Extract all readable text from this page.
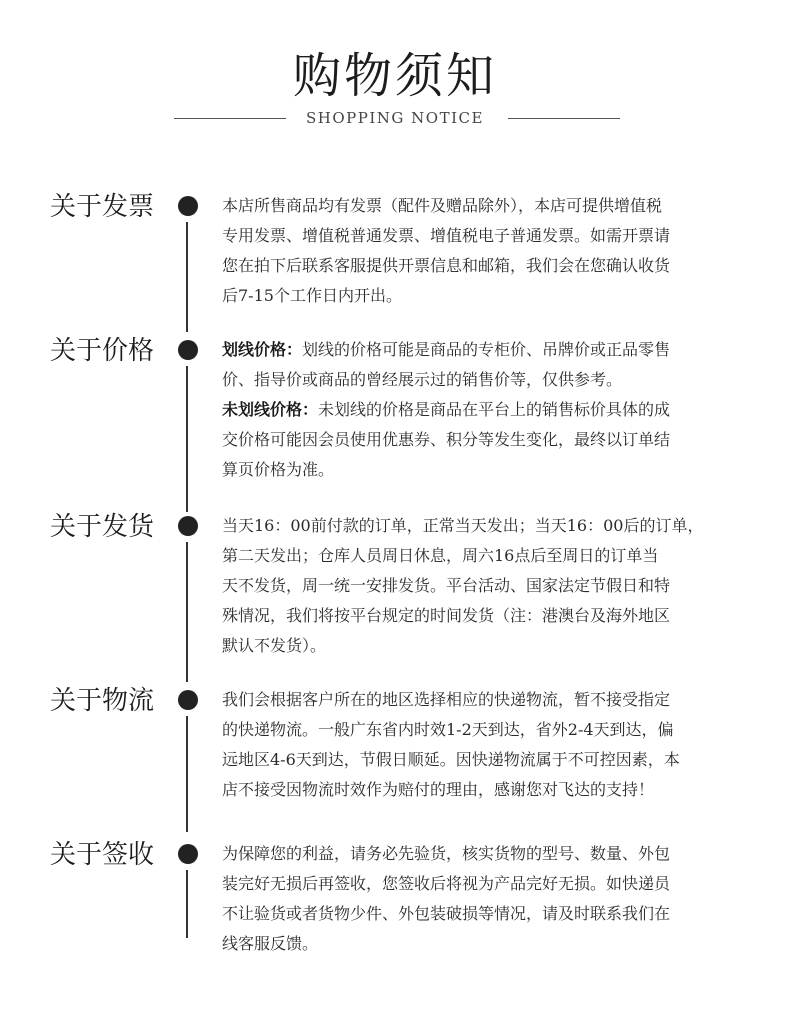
购物须知
SHOPPING NOTICE
关于发票	本店所售商品均有发票（配件及赠品除外），本店可提供增值税

专用发票、增值税普通发票、增值税电子普通发票。如需开票请

您在拍下后联系客服提供开票信息和邮箱，我们会在您确认收货

后7-15个工作日内开出。

关于价格	划线价格：划线的价格可能是商品的专柜价、吊牌价或正品零售

价、指导价或商品的曾经展示过的销售价等，仅供参考。

未划线价格：未划线的价格是商品在平台上的销售标价具体的成

交价格可能因会员使用优惠券、积分等发生变化，最终以订单结

算页价格为准。

关于发货	当天16：00前付款的订单，正常当天发出；当天16：00后的订单，

第二天发出；仓库人员周日休息，周六16点后至周日的订单当

天不发货，周一统一安排发货。平台活动、国家法定节假日和特

殊情况，我们将按平台规定的时间发货（注：港澳台及海外地区

默认不发货）。

关于物流	我们会根据客户所在的地区选择相应的快递物流，暂不接受指定

的快递物流。一般广东省内时效1-2天到达，省外2-4天到达，偏

远地区4-6天到达，节假日顺延。因快递物流属于不可控因素，本

店不接受因物流时效作为赔付的理由，感谢您对飞达的支持！

关于签收	为保障您的利益，请务必先验货，核实货物的型号、数量、外包

装完好无损后再签收，您签收后将视为产品完好无损。如快递员

不让验货或者货物少件、外包装破损等情况，请及时联系我们在

线客服反馈。
